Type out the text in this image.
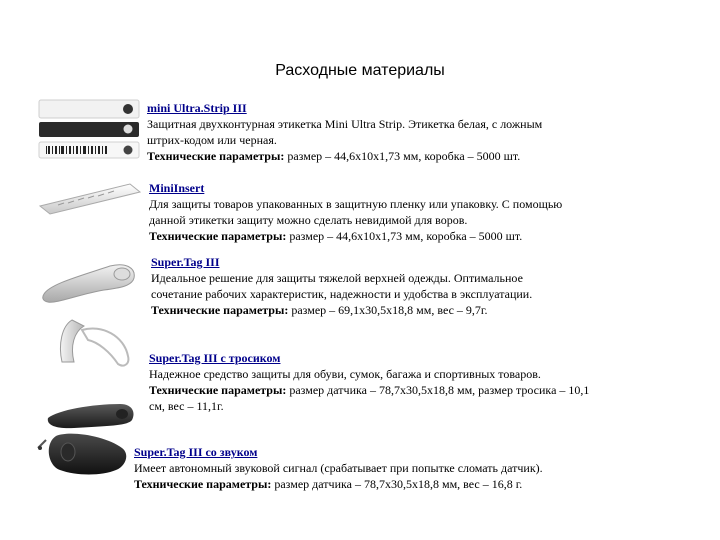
Расходные материалы
mini Ultra.Strip III
Защитная двухконтурная этикетка Mini Ultra Strip. Этикетка белая, с ложным
штрих-кодом или черная.
Технические параметры: размер – 44,6х10х1,73 мм, коробка – 5000 шт.
MiniInsert
Для защиты товаров упакованных в защитную пленку или упаковку. С помощью
данной этикетки защиту можно сделать невидимой для воров.
Технические параметры: размер – 44,6х10х1,73 мм, коробка – 5000 шт.
Super.Tag III
Идеальное решение для защиты тяжелой верхней одежды. Оптимальное
сочетание рабочих характеристик, надежности и удобства в эксплуатации.
Технические параметры: размер – 69,1х30,5х18,8 мм, вес – 9,7г.
Super.Tag III с тросиком
Надежное средство защиты для обуви, сумок, багажа и спортивных товаров.
Технические параметры: размер датчика – 78,7х30,5х18,8 мм, размер тросика – 10,1
см, вес – 11,1г.
Super.Tag III со звуком
Имеет автономный звуковой сигнал (срабатывает при попытке сломать датчик).
Технические параметры: размер датчика – 78,7х30,5х18,8 мм, вес – 16,8 г.
